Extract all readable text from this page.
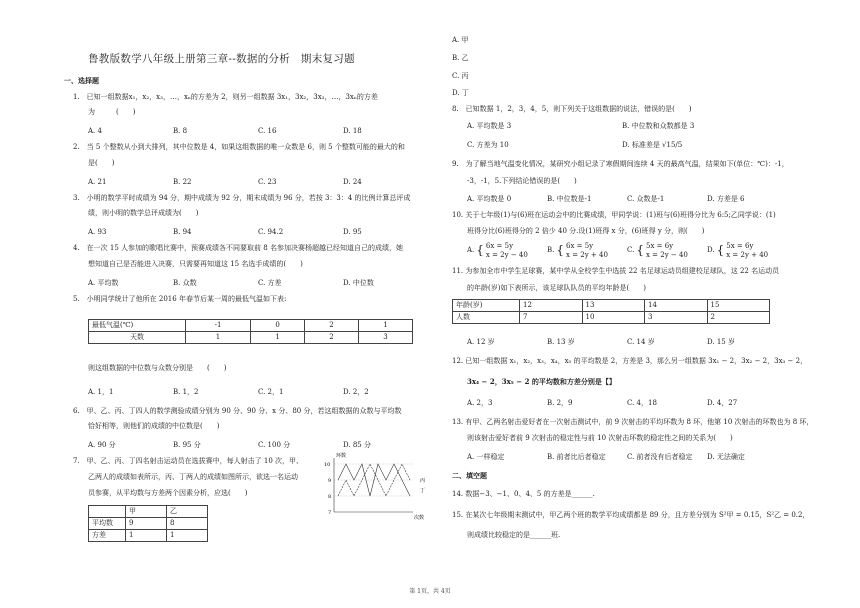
鲁教版数学八年级上册第三章--数据的分析　期末复习题
一、选择题
1.　已知一组数据x₁，x₂，x₃，…，xₙ的方差为 2，则另一组数据 3x₁，3x₂，3x₃，…，3xₙ的方差
为　　　(　　)
A. 4	B. 8	C. 16	D. 18
2.　当 5 个整数从小到大排列，其中位数是 4，如果这组数据的唯一众数是 6，则 5 个整数可能的最大的和
是(　　)
A. 21	B. 22	C. 23	D. 24
3.　小明的数学平时成绩为 94 分，期中成绩为 92 分，期末成绩为 96 分，若按 3：3：4 的比例计算总评成
绩，则小明的数学总评成绩为(　　)
A. 93	B. 94	C. 94.2	D. 95
4.　在一次 15 人参加的歌唱比赛中，预赛成绩各不同要取前 8 名参加决赛杨超越已经知道自己的成绩，她
想知道自己是否能进入决赛，只需要再知道这 15 名选手成绩的(　　)
A. 平均数	B. 众数	C. 方差	D. 中位数
5.　小明同学统计了他所在 2016 年春节后某一周的最低气温如下表:
最低气温(℃)	-1	0	2	1
天数	1	1	2	3
则这组数据的中位数与众数分别是　　(　　)
A. 1，1	B. 1，2	C. 2，1	D. 2，2
6.　甲、乙、丙、丁四人的数学测验成绩分别为 90 分、90 分、x 分、80 分，若这组数据的众数与平均数
恰好相等，则他们的成绩的中位数是(　　)
A. 90 分	B. 95 分	C. 100 分	D. 85 分
7.　甲、乙、丙、丁四名射击运动员在选拔赛中，每人射击了 10 次，甲、
乙两人的成绩如表所示，丙、丁两人的成绩如图所示，欲选一名运动
员参赛，从平均数与方差两个因素分析，应选(　　)
	甲	乙
平均数	9	8
方差	1	1
环数
次数
10
9
8
7
丙
丁
A. 甲
B. 乙
C. 丙
D. 丁
8.　已知数据 1，2，3，4，5，则下列关于这组数据的说法，错误的是(　　)
A. 平均数是 3	B. 中位数和众数都是 3
C. 方差为 10	D. 标准差是 √15/5
9.　为了解当地气温变化情况，某研究小组记录了寒假期间连续 4 天的最高气温，结果如下(单位：℃)：-1，
-3，-1，5.下列结论错误的是(　　)
A. 平均数是 0	B. 中位数是-1	C. 众数是-1	D. 方差是 6
10. 关于七年级(1)与(6)班在运动会中的比赛成绩，甲同学说：(1)班与(6)班得分比为 6:5;乙同学说：(1)
班得分比(6)班得分的 2 倍少 40 分.设(1)班得 x 分，(6)班得 y 分，则(　　)
A. { 6x = 5y
x = 2y − 40
B. { 6x = 5y
x = 2y + 40
C. { 5x = 6y
x = 2y − 40
D. { 5x = 6y
x = 2y + 40
11. 为参加全市中学生足球赛，某中学从全校学生中选拔 22 名足球运动员组建校足球队，这 22 名运动员
的年龄(岁)如下表所示，该足球队队员的平均年龄是(　　)
年龄(岁)	12	13	14	15
人数	7	10	3	2
A. 12 岁	B. 13 岁	C. 14 岁	D. 15 岁
12. 已知一组数据 x₁，x₂，x₃，x₄，x₅ 的平均数是 2，方差是 3，那么另一组数据 3x₁ − 2，3x₂ − 2，3x₃ − 2，
3x₄ − 2，3x₅ − 2 的平均数和方差分别是【】
A. 2，3	B. 2，9	C. 4，18	D. 4，27
13. 有甲、乙两名射击爱好者在一次射击测试中，前 9 次射击的平均环数为 8 环，他第 10 次射击的环数也为 8 环，
则该射击爱好者前 9 次射击的稳定性与前 10 次射击环数的稳定性之间的关系为(　　)
A. 一样稳定	B. 前者比后者稳定	C. 前者没有后者稳定	D. 无法确定
二、填空题
14. 数据−3、−1、0、4、5 的方差是______.
15. 在某次七年级期末测试中，甲乙两个班的数学平均成绩都是 89 分，且方差分别为 S²甲 = 0.15，S²乙 = 0.2，
则成绩比较稳定的是______班.
第 1页，共 4页
